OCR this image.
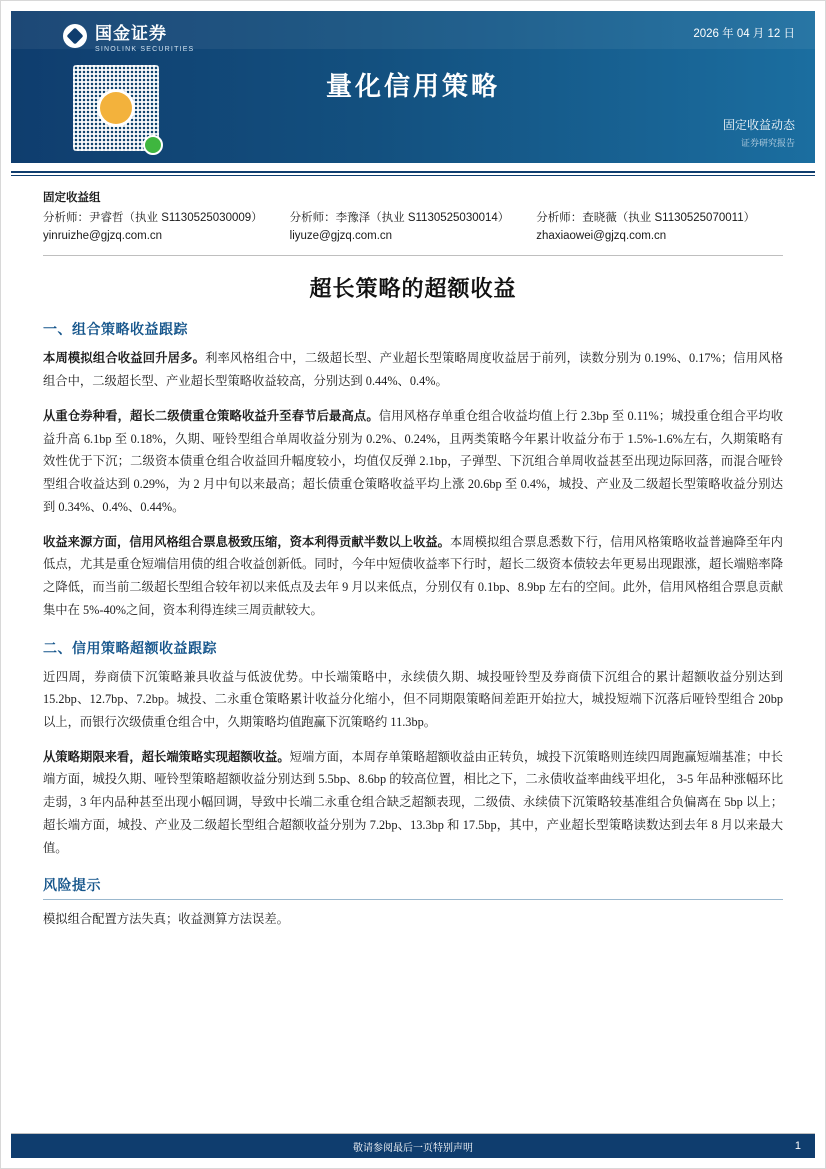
国金证券
SINOLINK SECURITIES
2026 年 04 月 12 日
量化信用策略
固定收益动态
证券研究报告
固定收益组
分析师：尹睿哲（执业 S1130525030009）
yinruizhe@gjzq.com.cn
分析师：李豫泽（执业 S1130525030014）
liyuze@gjzq.com.cn
分析师：查晓薇（执业 S1130525070011）
zhaxiaowei@gjzq.com.cn
超长策略的超额收益
一、组合策略收益跟踪

本周模拟组合收益回升居多。利率风格组合中，二级超长型、产业超长型策略周度收益居于前列，读数分别为 0.19%、0.17%；信用风格组合中，二级超长型、产业超长型策略收益较高，分别达到 0.44%、0.4%。

从重仓券种看，超长二级债重仓策略收益升至春节后最高点。信用风格存单重仓组合收益均值上行 2.3bp 至 0.11%；城投重仓组合平均收益升高 6.1bp 至 0.18%，久期、哑铃型组合单周收益分别为 0.2%、0.24%，且两类策略今年累计收益分布于 1.5%-1.6%左右，久期策略有效性优于下沉；二级资本债重仓组合收益回升幅度较小，均值仅反弹 2.1bp，子弹型、下沉组合单周收益甚至出现边际回落，而混合哑铃型组合收益达到 0.29%，为 2 月中旬以来最高；超长债重仓策略收益平均上涨 20.6bp 至 0.4%，城投、产业及二级超长型策略收益分别达到 0.34%、0.4%、0.44%。

收益来源方面，信用风格组合票息极致压缩，资本利得贡献半数以上收益。本周模拟组合票息悉数下行，信用风格策略收益普遍降至年内低点，尤其是重仓短端信用债的组合收益创新低。同时，今年中短债收益率下行时，超长二级资本债较去年更易出现跟涨，超长端赔率降之降低，而当前二级超长型组合较年初以来低点及去年 9 月以来低点，分别仅有 0.1bp、8.9bp 左右的空间。此外，信用风格组合票息贡献集中在 5%-40%之间，资本利得连续三周贡献较大。

二、信用策略超额收益跟踪

近四周，券商债下沉策略兼具收益与低波优势。中长端策略中，永续债久期、城投哑铃型及券商债下沉组合的累计超额收益分别达到 15.2bp、12.7bp、7.2bp。城投、二永重仓策略累计收益分化缩小，但不同期限策略间差距开始拉大，城投短端下沉落后哑铃型组合 20bp 以上，而银行次级债重仓组合中，久期策略均值跑赢下沉策略约 11.3bp。

从策略期限来看，超长端策略实现超额收益。短端方面，本周存单策略超额收益由正转负，城投下沉策略则连续四周跑赢短端基准；中长端方面，城投久期、哑铃型策略超额收益分别达到 5.5bp、8.6bp 的较高位置，相比之下，二永债收益率曲线平坦化， 3-5 年品种涨幅环比走弱，3 年内品种甚至出现小幅回调，导致中长端二永重仓组合缺乏超额表现，二级债、永续债下沉策略较基准组合负偏离在 5bp 以上；超长端方面，城投、产业及二级超长型组合超额收益分别为 7.2bp、13.3bp 和 17.5bp，其中，产业超长型策略读数达到去年 8 月以来最大值。

风险提示

模拟组合配置方法失真；收益测算方法误差。

敬请参阅最后一页特别声明	1
